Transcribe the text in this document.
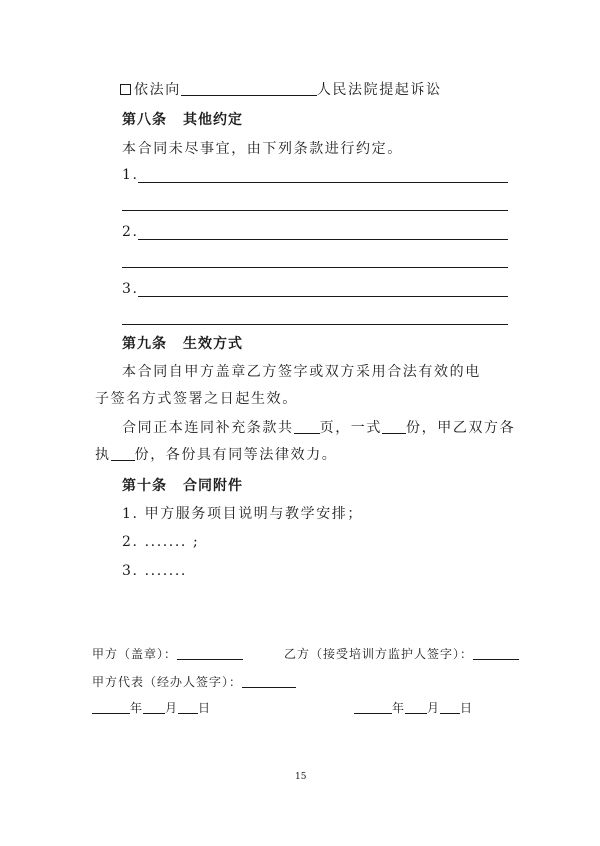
依法向	人民法院提起诉讼
第八条 其他约定
本合同未尽事宜，由下列条款进行约定。
1.
2.
3.
第九条 生效方式
本合同自甲方盖章乙方签字或双方采用合法有效的电
子签名方式签署之日起生效。
合同正本连同补充条款共 页，一式 份，甲乙双方各
执 份，各份具有同等法律效力。
第十条 合同附件
1. 甲方服务项目说明与教学安排；
2. ....... ;
3. .......
甲方（盖章）：	乙方（接受培训方监护人签字）：
甲方代表（经办人签字）：
年 月 日	年 月 日
15
